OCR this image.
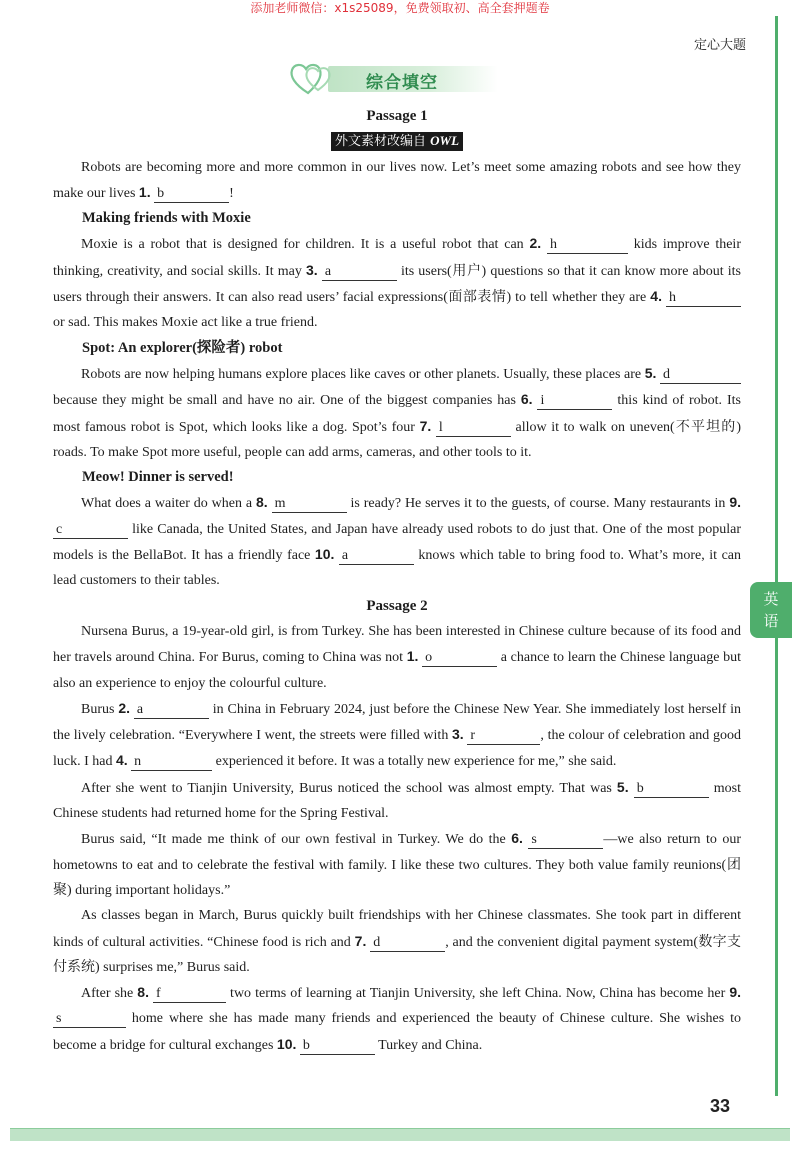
添加老师微信：x1s25089，免费领取初、高全套押题卷
定心大题
英
语
综合填空

Passage 1

外文素材改编自 OWL

Robots are becoming more and more common in our lives now. Let’s meet some amazing robots and see how they make our lives 1. b	!

Making friends with Moxie

Moxie is a robot that is designed for children. It is a useful robot that can 2. h	kids improve their thinking, creativity, and social skills. It may 3. a	its users(用户) questions so that it can know more about its users through their answers. It can also read users’ facial expressions(面部表情) to tell whether they are 4. h or sad. This makes Moxie act like a true friend.

Spot: An explorer(探险者) robot

Robots are now helping humans explore places like caves or other planets. Usually, these places are 5. d because they might be small and have no air. One of the biggest companies has 6. i	this kind of robot. Its most famous robot is Spot, which looks like a dog. Spot’s four 7. l	allow it to walk on uneven(不平坦的) roads. To make Spot more useful, people can add arms, cameras, and other tools to it.

Meow! Dinner is served!

What does a waiter do when a 8. m	is ready? He serves it to the guests, of course. Many restaurants in 9. c	like Canada, the United States, and Japan have already used robots to do just that. One of the most popular models is the BellaBot. It has a friendly face 10. a	knows which table to bring food to. What’s more, it can lead customers to their tables.

Passage 2

Nursena Burus, a 19-year-old girl, is from Turkey. She has been interested in Chinese culture because of its food and her travels around China. For Burus, coming to China was not 1. o	a chance to learn the Chinese language but also an experience to enjoy the colourful culture.

Burus 2. a	in China in February 2024, just before the Chinese New Year. She immediately lost herself in the lively celebration. “Everywhere I went, the streets were filled with 3. r	, the colour of celebration and good luck. I had 4. n	experienced it before. It was a totally new experience for me,” she said.

After she went to Tianjin University, Burus noticed the school was almost empty. That was 5. b	most Chinese students had returned home for the Spring Festival.

Burus said, “It made me think of our own festival in Turkey. We do the 6. s	—we also return to our hometowns to eat and to celebrate the festival with family. I like these two cultures. They both value family reunions(团聚) during important holidays.”

As classes began in March, Burus quickly built friendships with her Chinese classmates. She took part in different kinds of cultural activities. “Chinese food is rich and 7. d	, and the convenient digital payment system(数字支付系统) surprises me,” Burus said.

After she 8. f	two terms of learning at Tianjin University, she left China. Now, China has become her 9. s	home where she has made many friends and experienced the beauty of Chinese culture. She wishes to become a bridge for cultural exchanges 10. b	Turkey and China.

33
